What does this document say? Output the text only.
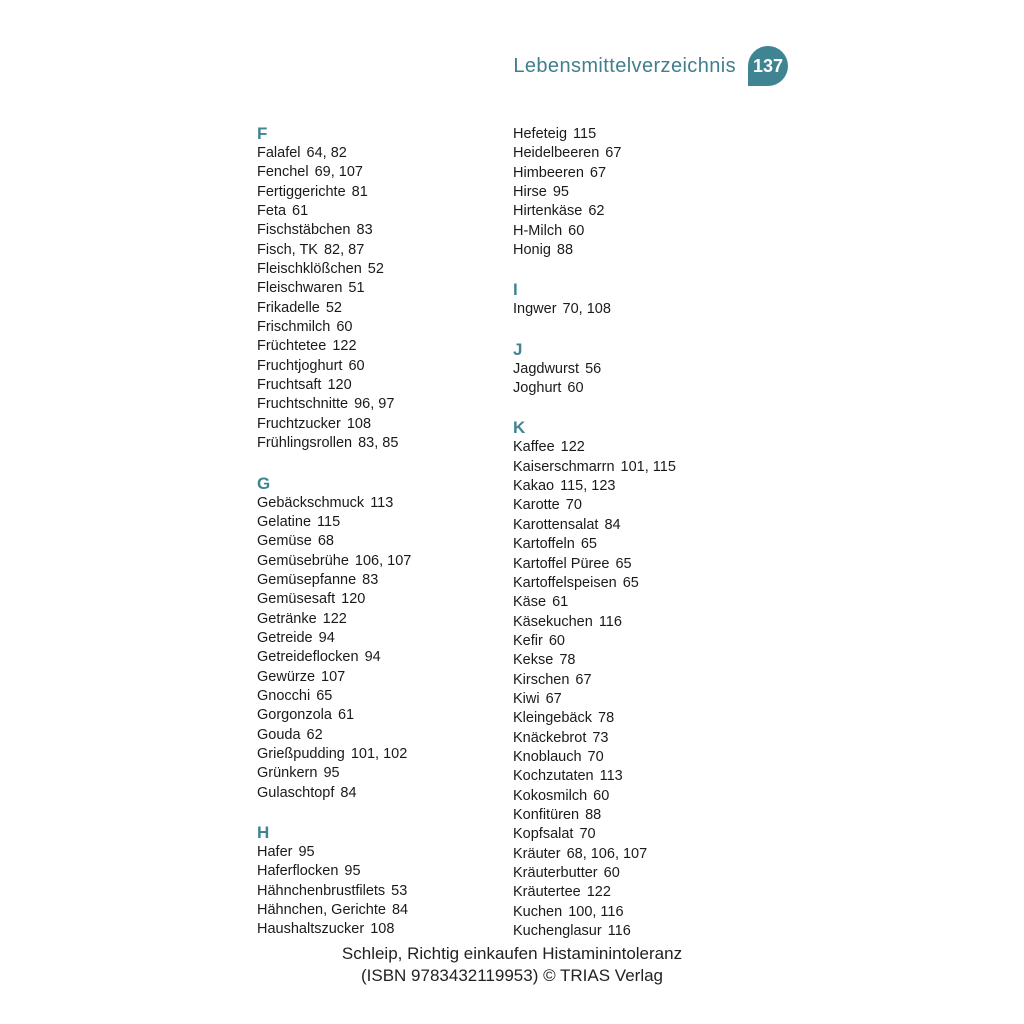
Lebensmittelverzeichnis 137
F
Falafel 64, 82
Fenchel 69, 107
Fertiggerichte 81
Feta 61
Fischstäbchen 83
Fisch, TK 82, 87
Fleischklößchen 52
Fleischwaren 51
Frikadelle 52
Frischmilch 60
Früchtetee 122
Fruchtjoghurt 60
Fruchtsaft 120
Fruchtschnitte 96, 97
Fruchtzucker 108
Frühlingsrollen 83, 85
G
Gebäckschmuck 113
Gelatine 115
Gemüse 68
Gemüsebrühe 106, 107
Gemüsepfanne 83
Gemüsesaft 120
Getränke 122
Getreide 94
Getreideflocken 94
Gewürze 107
Gnocchi 65
Gorgonzola 61
Gouda 62
Grießpudding 101, 102
Grünkern 95
Gulaschtopf 84
H
Hafer 95
Haferflocken 95
Hähnchenbrustfilets 53
Hähnchen, Gerichte 84
Haushaltszucker 108
Hefeteig 115
Heidelbeeren 67
Himbeeren 67
Hirse 95
Hirtenkäse 62
H-Milch 60
Honig 88
I
Ingwer 70, 108
J
Jagdwurst 56
Joghurt 60
K
Kaffee 122
Kaiserschmarrn 101, 115
Kakao 115, 123
Karotte 70
Karottensalat 84
Kartoffeln 65
Kartoffel Püree 65
Kartoffelspeisen 65
Käse 61
Käsekuchen 116
Kefir 60
Kekse 78
Kirschen 67
Kiwi 67
Kleingebäck 78
Knäckebrot 73
Knoblauch 70
Kochzutaten 113
Kokosmilch 60
Konfitüren 88
Kopfsalat 70
Kräuter 68, 106, 107
Kräuterbutter 60
Kräutertee 122
Kuchen 100, 116
Kuchenglasur 116
Schleip, Richtig einkaufen Histaminintoleranz
(ISBN 9783432119953) © TRIAS Verlag
